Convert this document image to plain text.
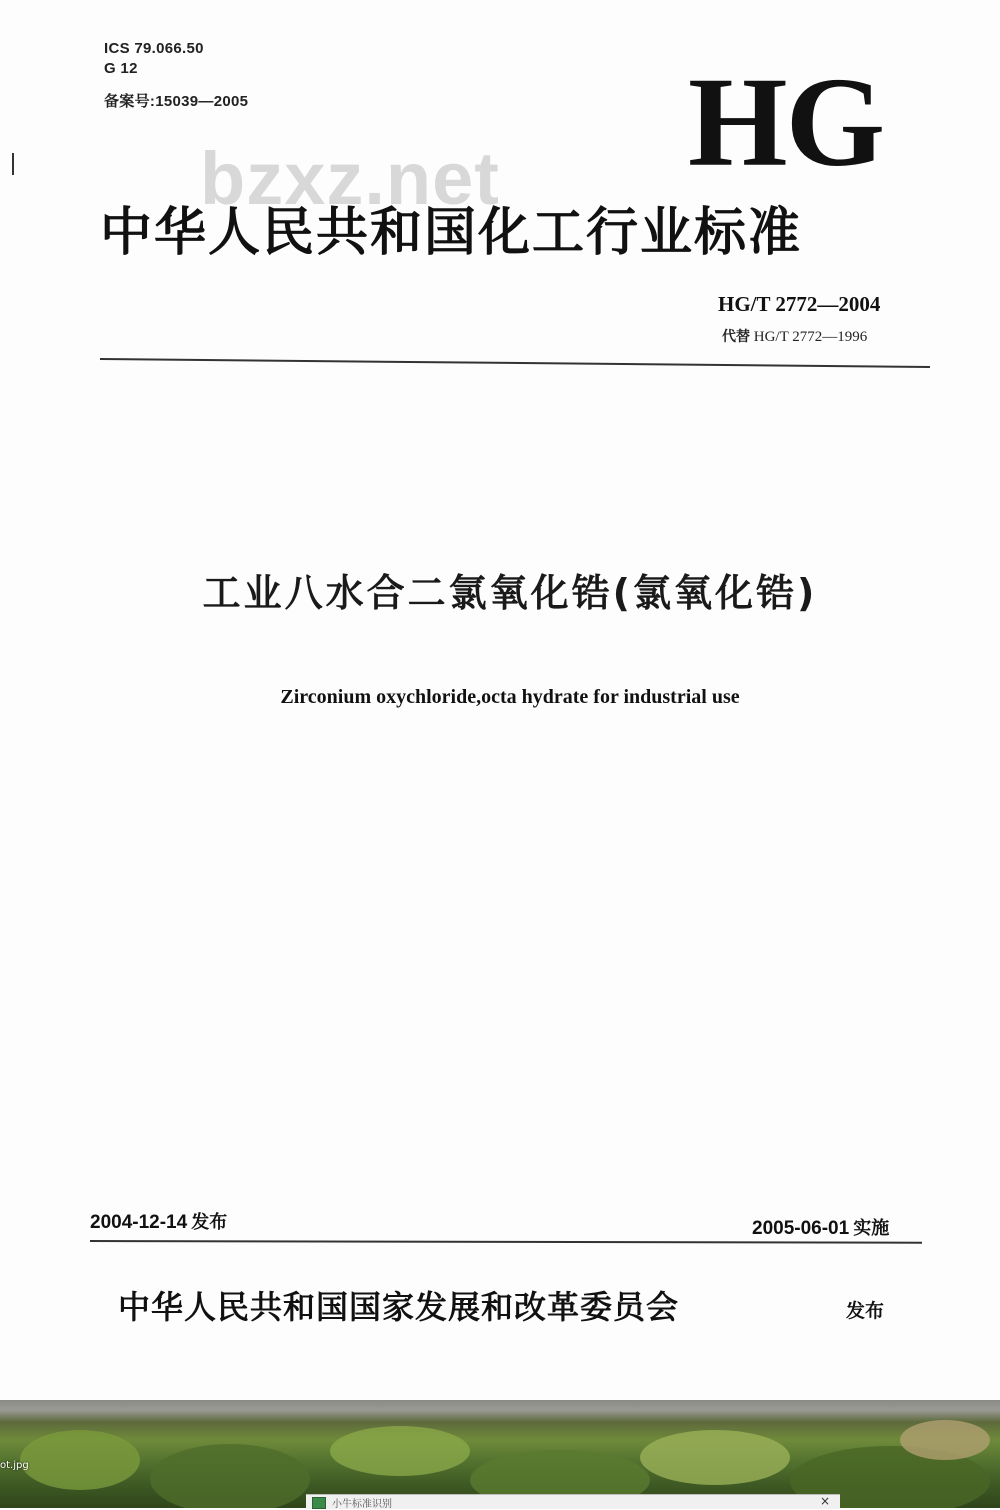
ICS 79.066.50
G 12
备案号:15039—2005	HG
bzxz.net
中华人民共和国化工行业标准
HG/T 2772—2004
代替 HG/T 2772—1996
工业八水合二氯氧化锆(氯氧化锆)
Zirconium oxychloride,octa hydrate for industrial use
2004-12-14 发布	2005-06-01 实施
中华人民共和国国家发展和改革委员会	发布
ot.jpg
小牛标准识别	×
